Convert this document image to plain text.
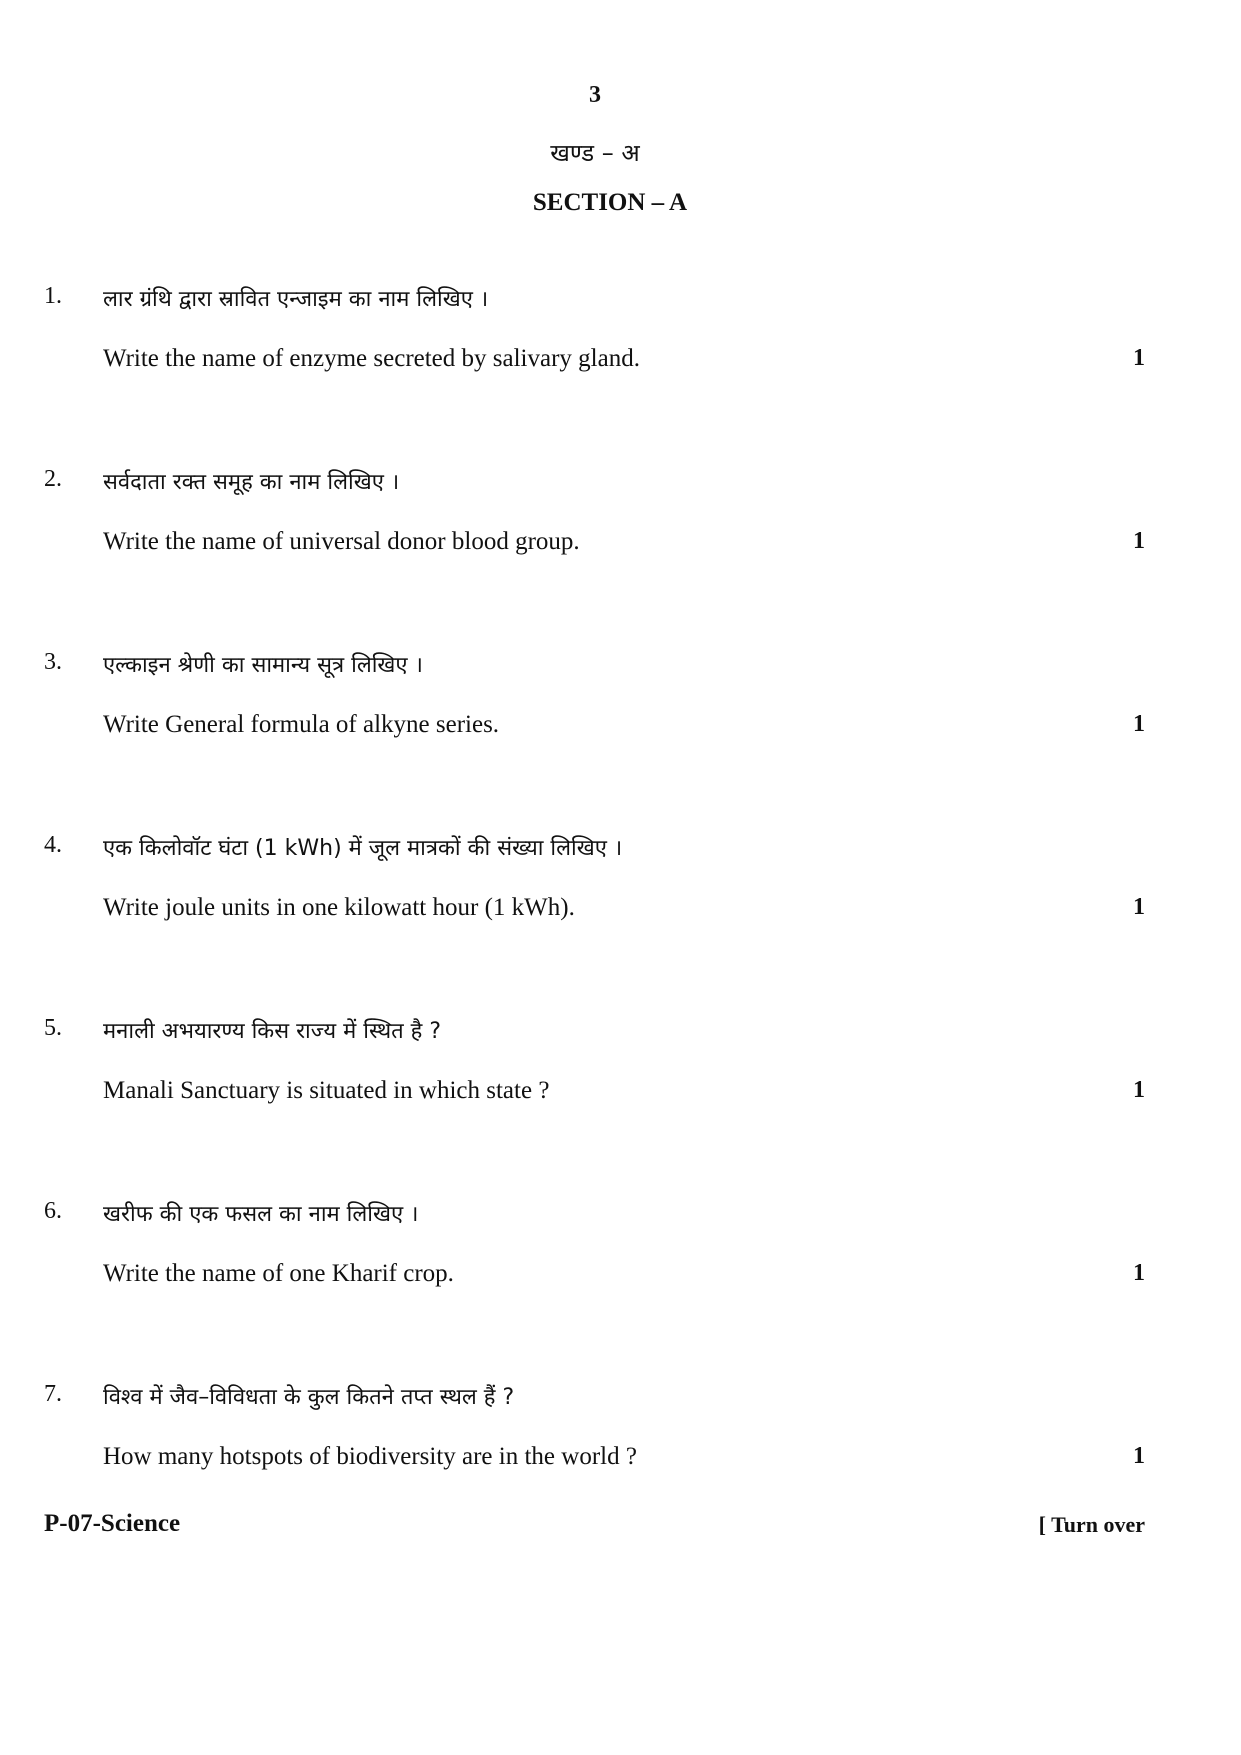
3
खण्ड – अ
SECTION – A
1. लार ग्रंथि द्वारा स्रावित एन्जाइम का नाम लिखिए ।
Write the name of enzyme secreted by salivary gland.	1
2. सर्वदाता रक्त समूह का नाम लिखिए ।
Write the name of universal donor blood group.	1
3. एल्काइन श्रेणी का सामान्य सूत्र लिखिए ।
Write General formula of alkyne series.	1
4. एक किलोवॉट घंटा (1 kWh) में जूल मात्रकों की संख्या लिखिए ।
Write joule units in one kilowatt hour (1 kWh).	1
5. मनाली अभयारण्य किस राज्य में स्थित है ?
Manali Sanctuary is situated in which state ?	1
6. खरीफ की एक फसल का नाम लिखिए ।
Write the name of one Kharif crop.	1
7. विश्व में जैव–विविधता के कुल कितने तप्त स्थल हैं ?
How many hotspots of biodiversity are in the world ?	1
P-07-Science	[ Turn over
